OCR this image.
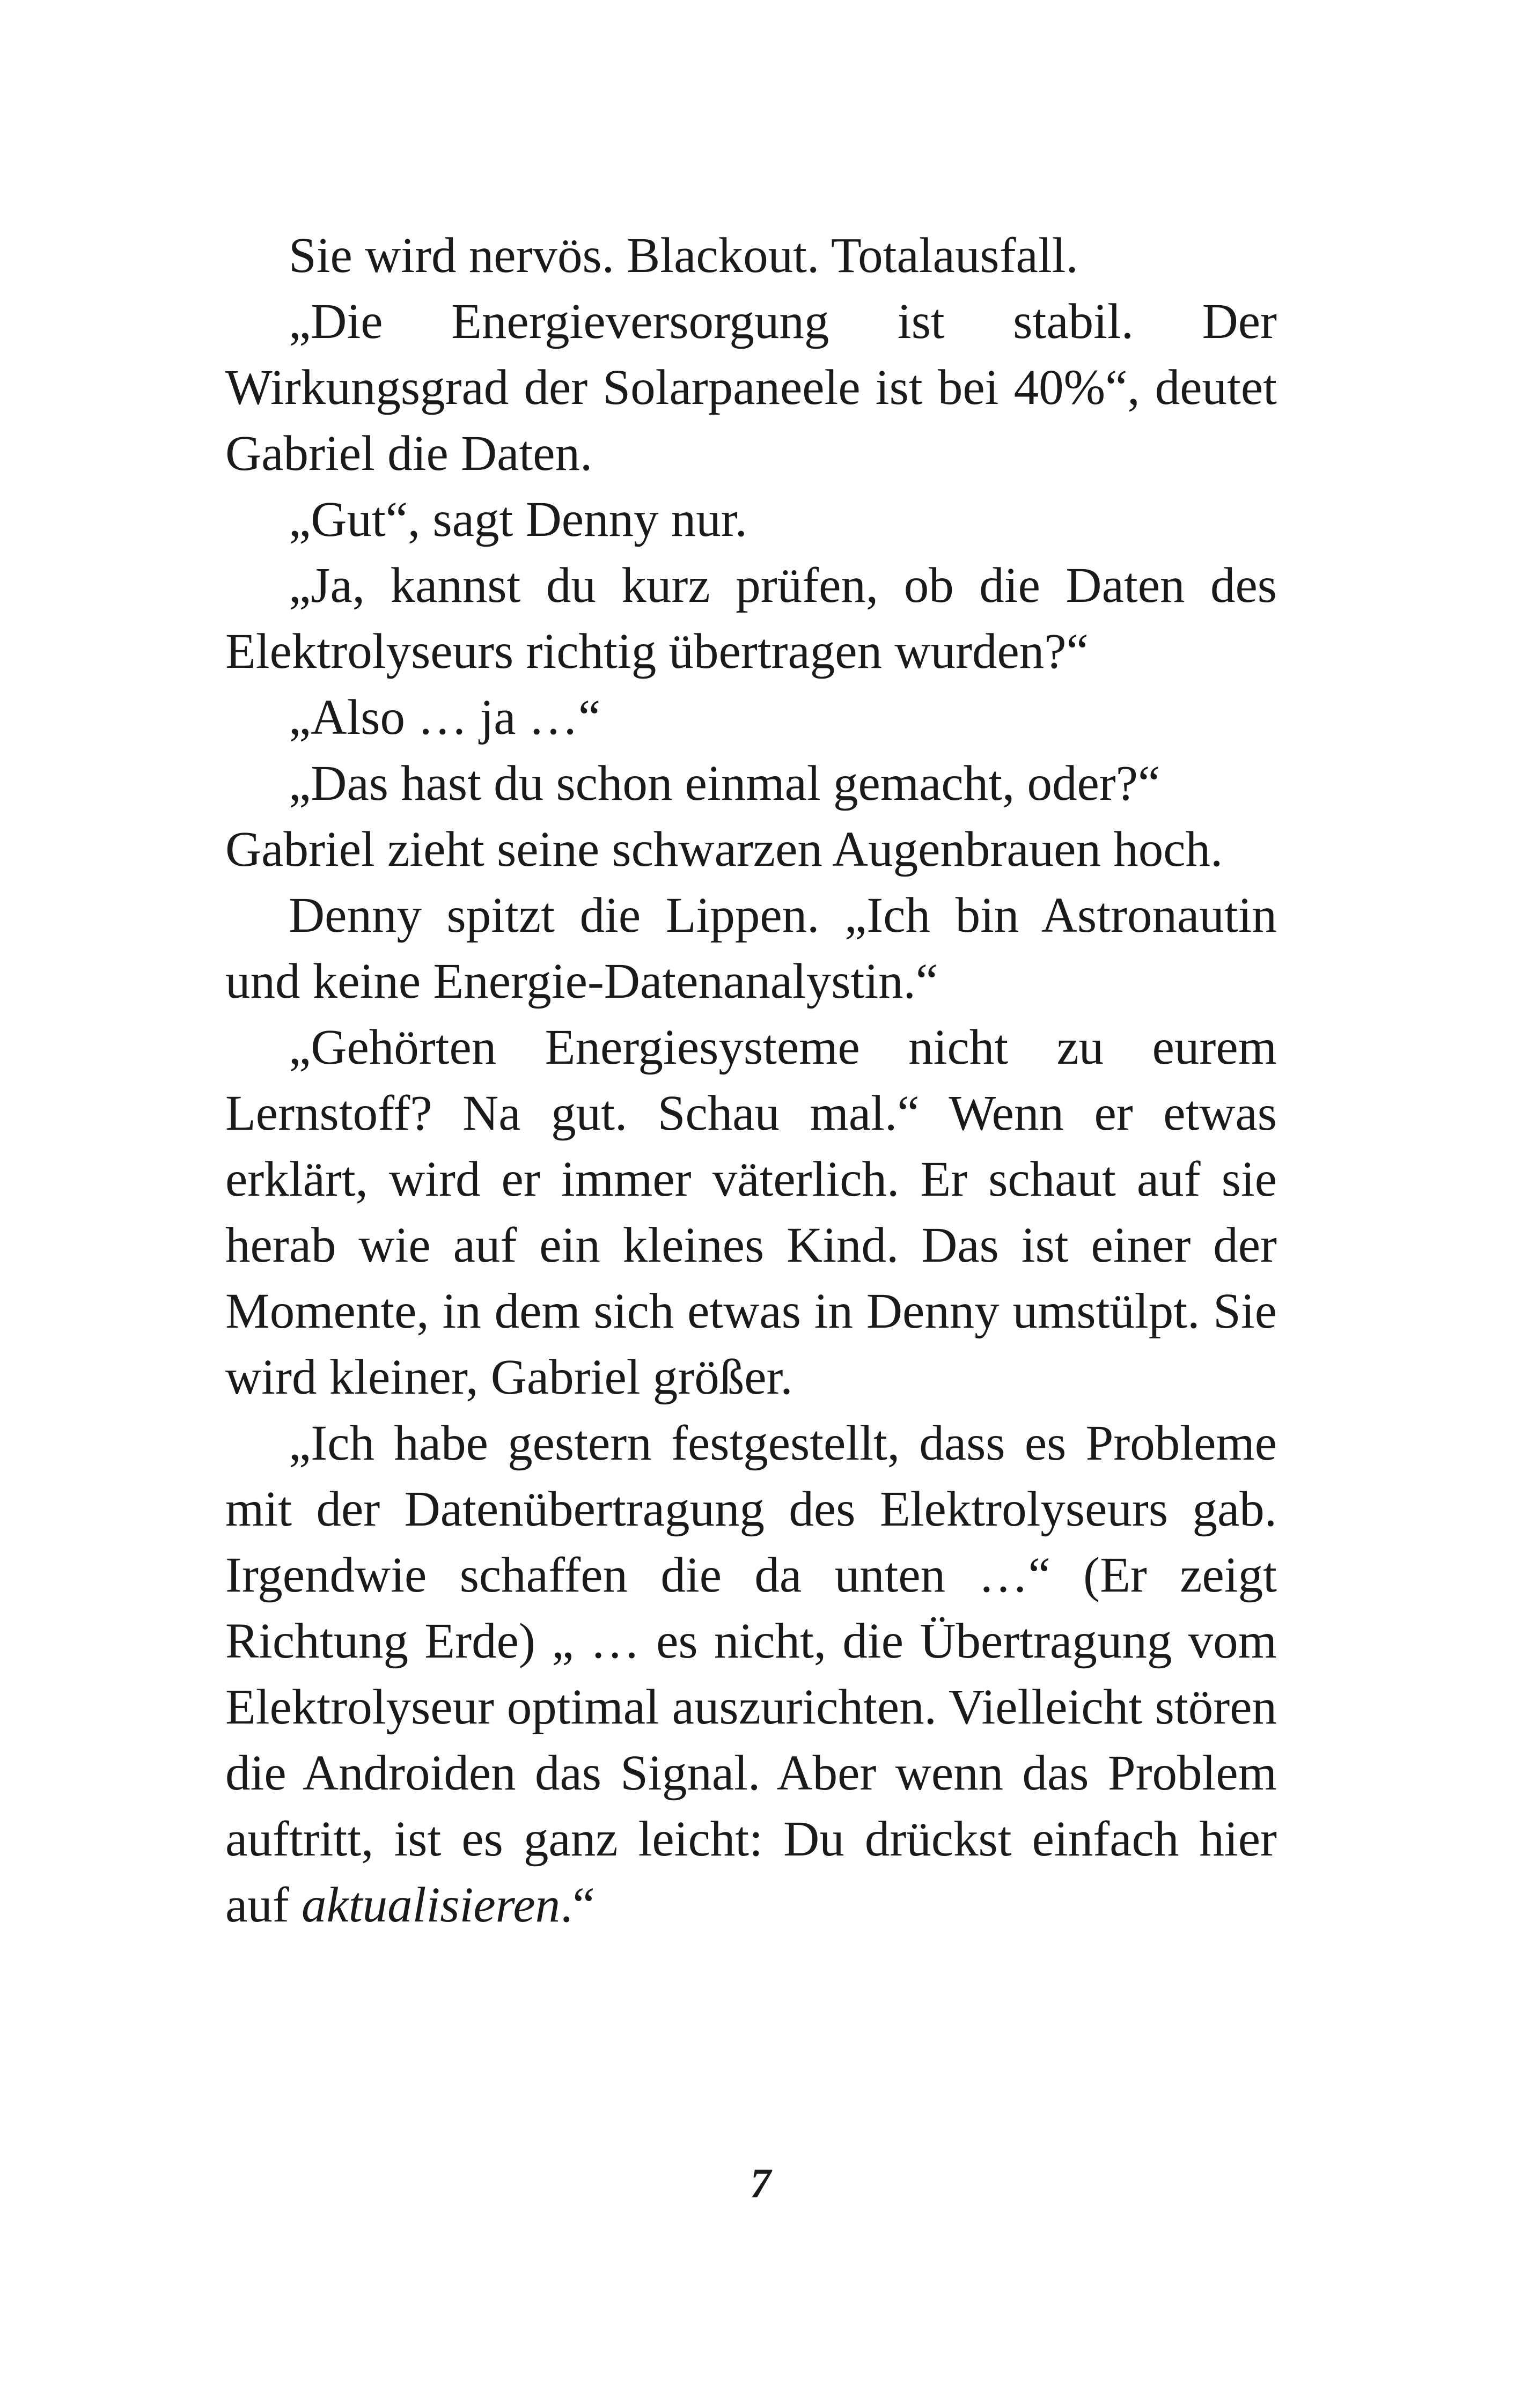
Sie wird nervös. Blackout. Totalausfall.

„Die Energieversorgung ist stabil. Der Wirkungsgrad der Solarpaneele ist bei 40%“, deutet Gabriel die Daten.

„Gut“, sagt Denny nur.

„Ja, kannst du kurz prüfen, ob die Daten des Elektrolyseurs richtig übertragen wurden?“

„Also … ja …“

„Das hast du schon einmal gemacht, oder?“

Gabriel zieht seine schwarzen Augenbrauen hoch.

Denny spitzt die Lippen. „Ich bin Astronautin und keine Energie-Datenanalystin.“

„Gehörten Energiesysteme nicht zu eurem Lernstoff? Na gut. Schau mal.“ Wenn er etwas erklärt, wird er immer väterlich. Er schaut auf sie herab wie auf ein kleines Kind. Das ist einer der Momente, in dem sich etwas in Denny umstülpt. Sie wird kleiner, Gabriel größer.

„Ich habe gestern festgestellt, dass es Probleme mit der Datenübertragung des Elektrolyseurs gab. Irgendwie schaffen die da unten …“ (Er zeigt Richtung Erde) „ … es nicht, die Übertragung vom Elektrolyseur optimal auszurichten. Vielleicht stören die Androiden das Signal. Aber wenn das Problem auftritt, ist es ganz leicht: Du drückst einfach hier auf aktualisieren.“

7
